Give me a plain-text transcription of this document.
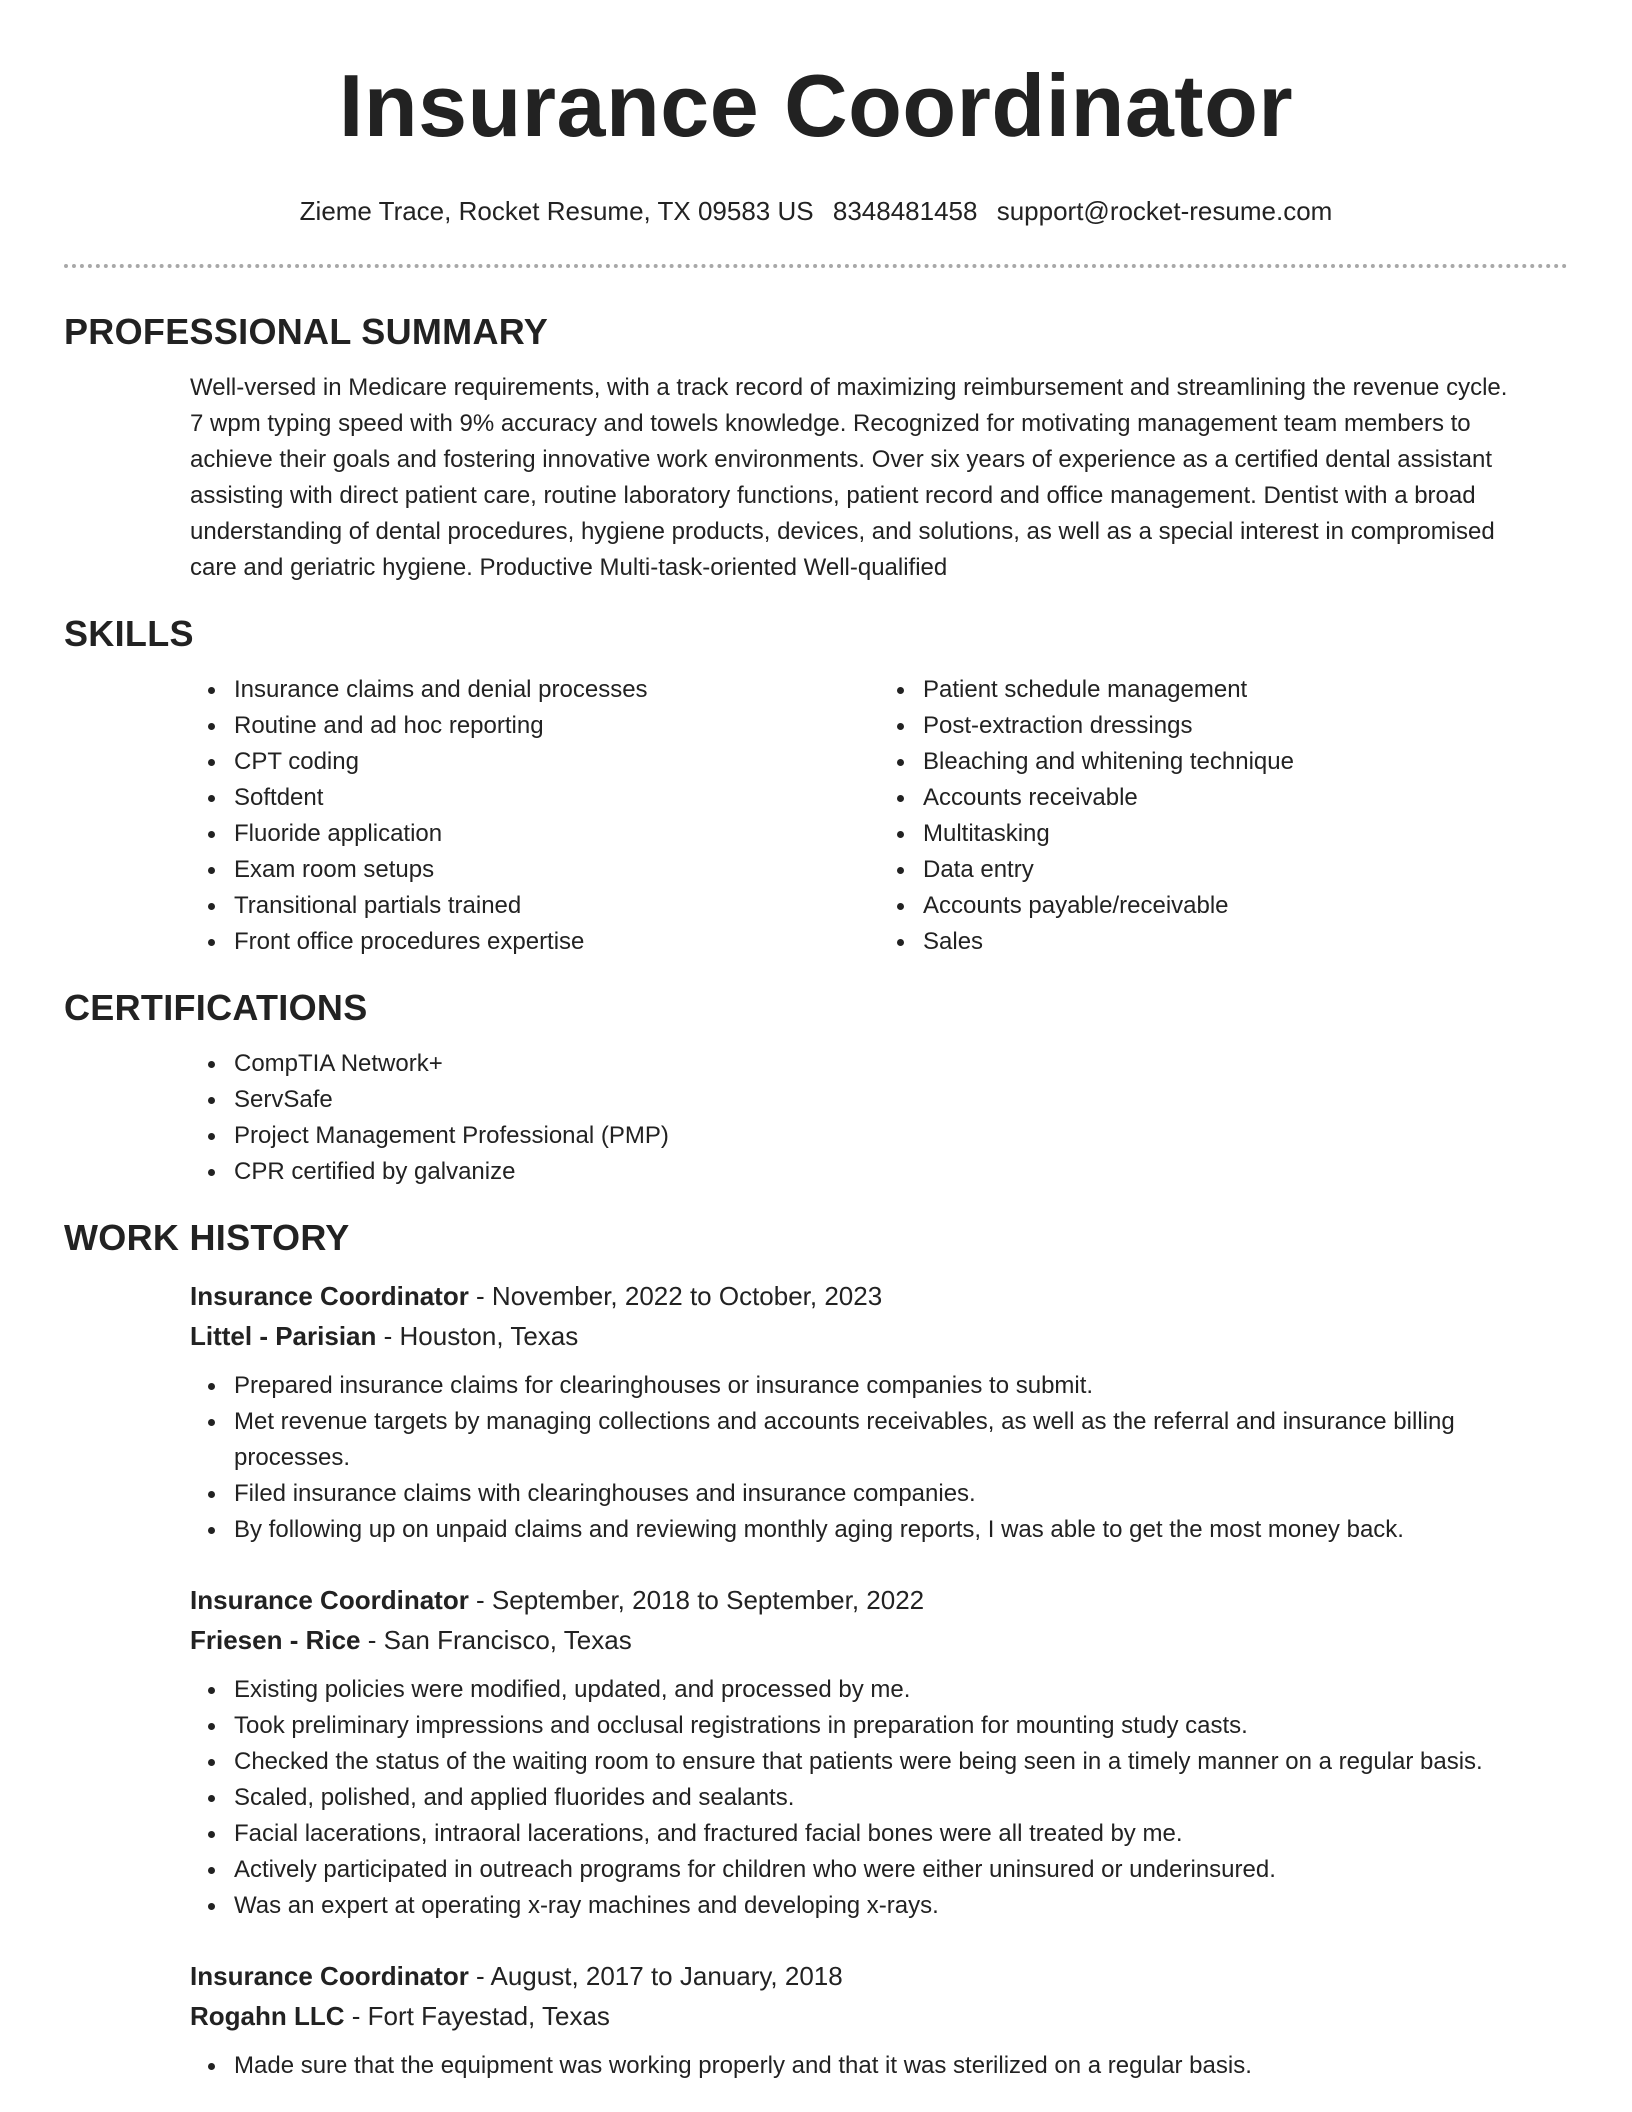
Insurance Coordinator
Zieme Trace, Rocket Resume, TX 09583 US 8348481458 support@rocket-resume.com
PROFESSIONAL SUMMARY
Well-versed in Medicare requirements, with a track record of maximizing reimbursement and streamlining the revenue cycle.
7 wpm typing speed with 9% accuracy and towels knowledge. Recognized for motivating management team members to
achieve their goals and fostering innovative work environments. Over six years of experience as a certified dental assistant
assisting with direct patient care, routine laboratory functions, patient record and office management. Dentist with a broad
understanding of dental procedures, hygiene products, devices, and solutions, as well as a special interest in compromised
care and geriatric hygiene. Productive Multi-task-oriented Well-qualified
SKILLS
Insurance claims and denial processes
Routine and ad hoc reporting
CPT coding
Softdent
Fluoride application
Exam room setups
Transitional partials trained
Front office procedures expertise
Patient schedule management
Post-extraction dressings
Bleaching and whitening technique
Accounts receivable
Multitasking
Data entry
Accounts payable/receivable
Sales
CERTIFICATIONS
CompTIA Network+
ServSafe
Project Management Professional (PMP)
CPR certified by galvanize
WORK HISTORY
Insurance Coordinator - November, 2022 to October, 2023
Littel - Parisian - Houston, Texas
Prepared insurance claims for clearinghouses or insurance companies to submit.
Met revenue targets by managing collections and accounts receivables, as well as the referral and insurance billing
processes.
Filed insurance claims with clearinghouses and insurance companies.
By following up on unpaid claims and reviewing monthly aging reports, I was able to get the most money back.
Insurance Coordinator - September, 2018 to September, 2022
Friesen - Rice - San Francisco, Texas
Existing policies were modified, updated, and processed by me.
Took preliminary impressions and occlusal registrations in preparation for mounting study casts.
Checked the status of the waiting room to ensure that patients were being seen in a timely manner on a regular basis.
Scaled, polished, and applied fluorides and sealants.
Facial lacerations, intraoral lacerations, and fractured facial bones were all treated by me.
Actively participated in outreach programs for children who were either uninsured or underinsured.
Was an expert at operating x-ray machines and developing x-rays.
Insurance Coordinator - August, 2017 to January, 2018
Rogahn LLC - Fort Fayestad, Texas
Made sure that the equipment was working properly and that it was sterilized on a regular basis.
